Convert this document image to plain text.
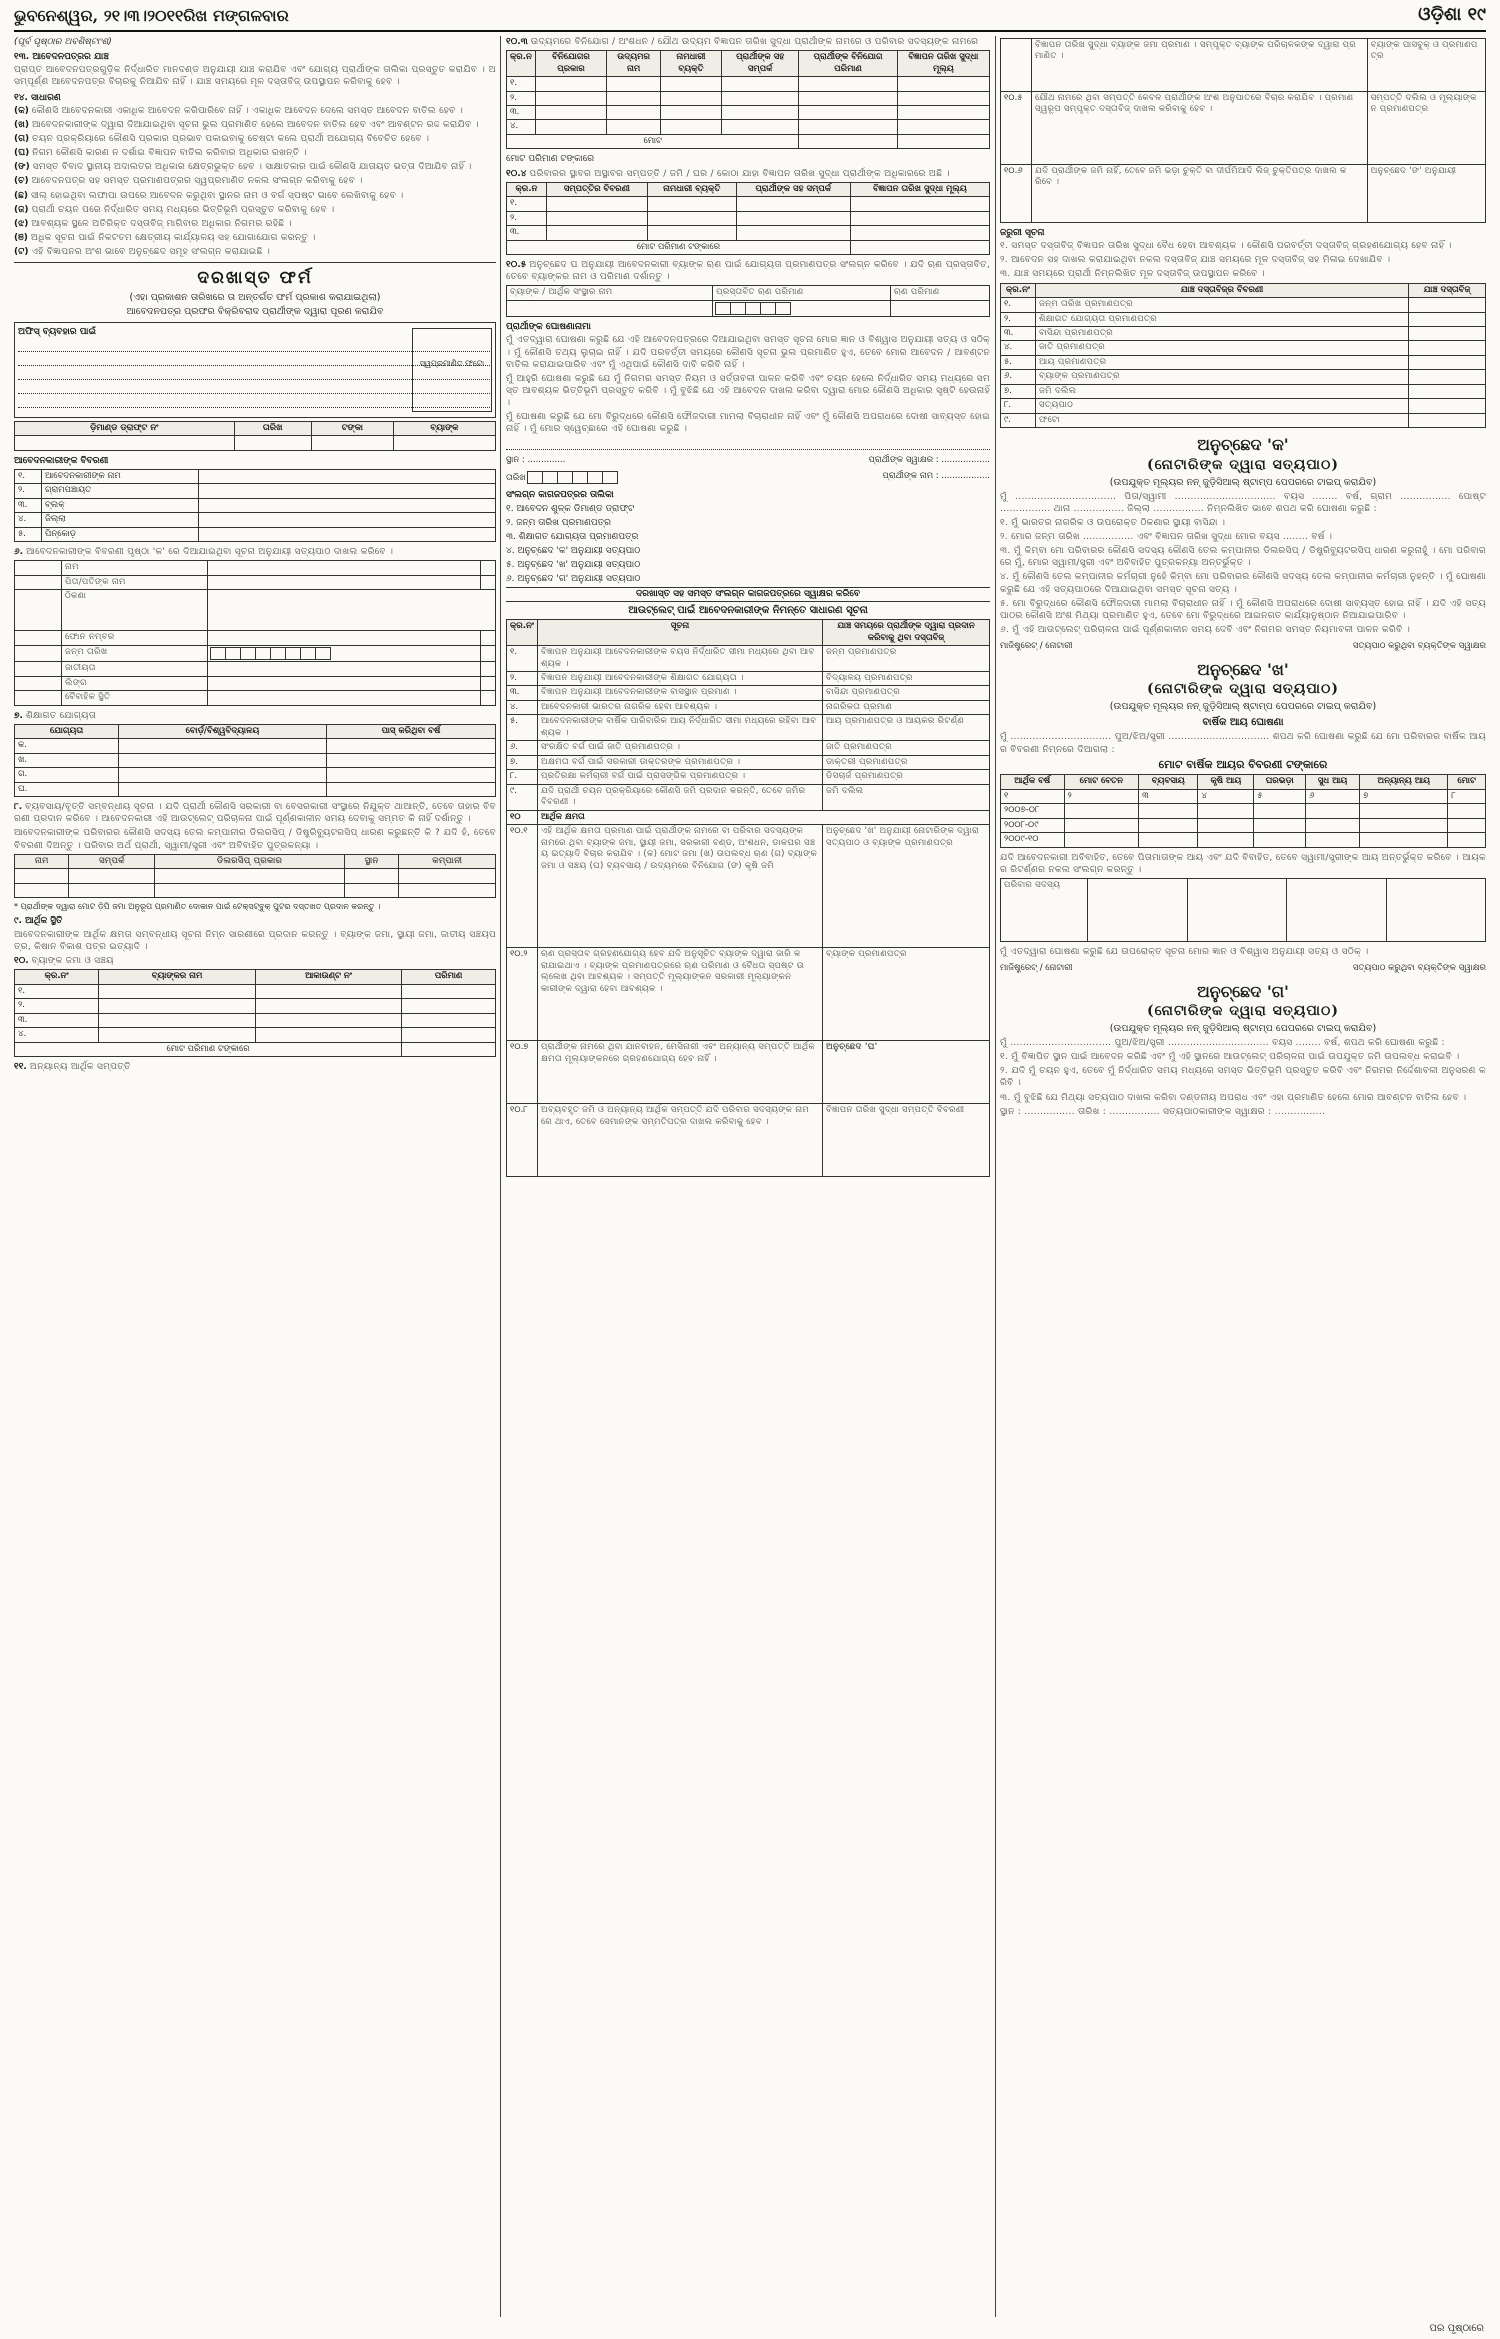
ଭୁବନେଶ୍ୱର, ୨୧।୩।୨୦୧୧ରିଖ ମଙ୍ଗଳବାର	ଓଡ଼ିଶା ୧୯
(ପୂର୍ବ ପୃଷ୍ଠାର ଅବଶିଷ୍ଟାଂଶ)
୧୩. ଆବେଦନପତ୍ରର ଯାଞ୍ଚ
ପ୍ରାପ୍ତ ଆବେଦନପତ୍ରଗୁଡ଼ିକ ନିର୍ଦ୍ଧାରିତ ମାନଦଣ୍ଡ ଅନୁଯାୟୀ ଯାଞ୍ଚ କରାଯିବ ଏବଂ ଯୋଗ୍ୟ ପ୍ରାର୍ଥୀଙ୍କ ତାଲିକା ପ୍ରସ୍ତୁତ କରାଯିବ । ଅସମ୍ପୂର୍ଣ୍ଣ ଆବେଦନପତ୍ର ବିଚାରକୁ ନିଆଯିବ ନାହିଁ । ଯାଞ୍ଚ ସମୟରେ ମୂଳ ଦସ୍ତାବିଜ୍ ଉପସ୍ଥାପନ କରିବାକୁ ହେବ ।
୧୪. ସାଧାରଣ
(କ) କୌଣସି ଆବେଦନକାରୀ ଏକାଧିକ ଆବେଦନ କରିପାରିବେ ନାହିଁ । ଏକାଧିକ ଆବେଦନ ଦେଲେ ସମସ୍ତ ଆବେଦନ ବାତିଲ ହେବ ।
(ଖ) ଆବେଦନକାରୀଙ୍କ ଦ୍ୱାରା ଦିଆଯାଇଥିବା ସୂଚନା ଭୁଲ ପ୍ରମାଣିତ ହେଲେ ଆବେଦନ ବାତିଲ ହେବ ଏବଂ ଆବଣ୍ଟନ ରଦ୍ଦ କରାଯିବ ।
(ଗ) ଚୟନ ପ୍ରକ୍ରିୟାରେ କୌଣସି ପ୍ରକାର ପ୍ରଭାବ ପକାଇବାକୁ ଚେଷ୍ଟା କଲେ ପ୍ରାର୍ଥୀ ଅଯୋଗ୍ୟ ବିବେଚିତ ହେବେ ।
(ଘ) ନିଗମ କୌଣସି କାରଣ ନ ଦର୍ଶାଇ ବିଜ୍ଞାପନ ବାତିଲ କରିବାର ଅଧିକାର ରଖନ୍ତି ।
(ଙ) ସମସ୍ତ ବିବାଦ ସ୍ଥାନୀୟ ଅଦାଲତର ଅଧିକାର କ୍ଷେତ୍ରଭୁକ୍ତ ହେବ । ସାକ୍ଷାତକାର ପାଇଁ କୌଣସି ଯାତାୟତ ଭତ୍ତା ଦିଆଯିବ ନାହିଁ ।
(ଚ) ଆବେଦନପତ୍ର ସହ ସମସ୍ତ ପ୍ରମାଣପତ୍ରର ସ୍ୱପ୍ରମାଣିତ ନକଲ ସଂଲଗ୍ନ କରିବାକୁ ହେବ ।
(ଛ) ସୀଲ୍ ହୋଇଥିବା ଲଫାପା ଉପରେ ଆବେଦନ କରୁଥିବା ସ୍ଥାନର ନାମ ଓ ବର୍ଗ ସ୍ପଷ୍ଟ ଭାବେ ଲେଖିବାକୁ ହେବ ।
(ଜ) ପ୍ରାର୍ଥୀ ଚୟନ ପରେ ନିର୍ଦ୍ଧାରିତ ସମୟ ମଧ୍ୟରେ ଭିତ୍ତିଭୂମି ପ୍ରସ୍ତୁତ କରିବାକୁ ହେବ ।
(ଝ) ଆବଶ୍ୟକ ସ୍ଥଳେ ଅତିରିକ୍ତ ଦସ୍ତାବିଜ୍ ମାଗିବାର ଅଧିକାର ନିଗମର ରହିଛି ।
(ଞ) ଅଧିକ ସୂଚନା ପାଇଁ ନିକଟତମ କ୍ଷେତ୍ରୀୟ କାର୍ଯ୍ୟାଳୟ ସହ ଯୋଗାଯୋଗ କରନ୍ତୁ ।
(ଟ) ଏହି ବିଜ୍ଞାପନର ଅଂଶ ଭାବେ ଅନୁଚ୍ଛେଦ ସମୂହ ସଂଲଗ୍ନ କରାଯାଇଛି ।
ଦରଖାସ୍ତ ଫର୍ମ
(ଏହା ପ୍ରକାଶନ ତାରିଖରେ ତା ଅନ୍ତର୍ଗତ ଫର୍ମ ପ୍ରକାଶ କରାଯାଇଥିଲା)
ଆବେଦନପତ୍ର ପ୍ରଫର ବିକ୍ରିବରାଦ ପ୍ରାର୍ଥୀଙ୍କ ଦ୍ୱାରା ପୂରଣ କରାଯିବ
ସ୍ୱପ୍ରମାଣିତ ଫଟୋ
ଅଫିସ୍ ବ୍ୟବହାର ପାଇଁ
ଡ଼ିମାଣ୍ଡ ଡ୍ରାଫ୍ଟ ନଂ	ତାରିଖ	ଟଙ୍କା	ବ୍ୟାଙ୍କ

ଆବେଦନକାରୀଙ୍କ ବିବରଣୀ
୧.	ଆବେଦନକାରୀଙ୍କ ନାମ	
୨.	ଗ୍ରାମପଞ୍ଚାୟତ	
୩.	ବ୍ଲକ୍	
୪.	ଜିଲ୍ଲା	
୫.	ପିନ୍‌କୋଡ଼	
୬. ଆବେଦନକାରୀଙ୍କ ବିବରଣୀ ପୃଷ୍ଠା 'କ' ରେ ଦିଆଯାଇଥିବା ସୂଚନା ଅନୁଯାୟୀ ସତ୍ୟପାଠ ଦାଖଲ କରିବେ ।
	ନାମ		
	ପିତା/ପତିଙ୍କ ନାମ		
	ଠିକଣା		
	ଫୋନ ନମ୍ବର		
	ଜନ୍ମ ତାରିଖ	

	ଜାତୀୟତା		
	ଲିଙ୍ଗ		
	ବୈବାହିକ ସ୍ଥିତି		
୭. ଶିକ୍ଷାଗତ ଯୋଗ୍ୟତା
ଯୋଗ୍ୟତା	ବୋର୍ଡ଼/ବିଶ୍ୱବିଦ୍ୟାଳୟ	ପାସ୍ କରିଥିବା ବର୍ଷ
କ.		
ଖ.		
ଗ.		
ଘ.		
୮. ବ୍ୟବସାୟ/ବୃତ୍ତି ସମ୍ବନ୍ଧୀୟ ସୂଚନା । ଯଦି ପ୍ରାର୍ଥୀ କୌଣସି ସରକାରୀ ବା ବେସରକାରୀ ସଂସ୍ଥାରେ ନିଯୁକ୍ତ ଥାଆନ୍ତି, ତେବେ ତାହାର ବିବରଣୀ ପ୍ରଦାନ କରିବେ । ଆବେଦନକାରୀ ଏହି ଆଉଟ୍‌ଲେଟ୍ ପରିଚାଳନା ପାଇଁ ପୂର୍ଣ୍ଣକାଳୀନ ସମୟ ଦେବାକୁ ସମ୍ମତ କି ନାହିଁ ଦର୍ଶାନ୍ତୁ ।
ଆବେଦନକାରୀଙ୍କ ପରିବାରର କୌଣସି ସଦସ୍ୟ ତେଲ କମ୍ପାନୀର ଡିଲରସିପ୍ / ଡିଷ୍ଟ୍ରିବ୍ୟୁଟରସିପ୍ ଧାରଣ କରୁଛନ୍ତି କି ? ଯଦି ହଁ, ତେବେ ବିବରଣୀ ଦିଅନ୍ତୁ । ପରିବାର ଅର୍ଥ ପ୍ରାର୍ଥୀ, ସ୍ୱାମୀ/ସ୍ତ୍ରୀ ଏବଂ ଅବିବାହିତ ପୁତ୍ରକନ୍ୟା ।
ନାମ	ସମ୍ପର୍କ	ଡିଲରସିପ୍ ପ୍ରକାର	ସ୍ଥାନ	କମ୍ପାନୀ

* ପ୍ରାର୍ଥୀଙ୍କ ଦ୍ୱାରା ମୋଟ ଡ଼ିପି ଜମା ଅନୁରୂପ ପ୍ରମାଣିତ ଦୋକାନ ପାଇଁ ଟେକ୍‌ସଟ୍‌ବୁକ୍ ପୁଟର ଦସ୍ତଖତ ପ୍ରଦାନ କରନ୍ତୁ ।
୯. ଆର୍ଥିକ ସ୍ଥିତି
ଆବେଦନକାରୀଙ୍କ ଆର୍ଥିକ କ୍ଷମତା ସମ୍ବନ୍ଧୀୟ ସୂଚନା ନିମ୍ନ ସାରଣୀରେ ପ୍ରଦାନ କରନ୍ତୁ । ବ୍ୟାଙ୍କ ଜମା, ସ୍ଥାୟୀ ଜମା, ଜାତୀୟ ସଞ୍ଚୟପତ୍ର, କିଷାନ ବିକାଶ ପତ୍ର ଇତ୍ୟାଦି ।
୧୦. ବ୍ୟାଙ୍କ ଜମା ଓ ସଞ୍ଚୟ
କ୍ର.ନଂ	ବ୍ୟାଙ୍କର ନାମ	ଆକାଉଣ୍ଟ ନଂ	ପରିମାଣ
୧.			
୨.			
୩.			
୪.			
ମୋଟ ପରିମାଣ ଟଙ୍କାରେ			
୧୧. ଅନ୍ୟାନ୍ୟ ଆର୍ଥିକ ସମ୍ପତ୍ତି
୧୦.୩ ଉଦ୍ୟମରେ ବିନିଯୋଗ / ଅଂଶଧନ / ଯୌଥ ଉଦ୍ୟମ ବିଜ୍ଞାପନ ତାରିଖ ସୁଦ୍ଧା ପ୍ରାର୍ଥୀଙ୍କ ନାମରେ ଓ ପରିବାର ସଦସ୍ୟଙ୍କ ନାମରେ
କ୍ର.ନ	ବିନିଯୋଗର ପ୍ରକାର	ଉଦ୍ୟମର ନାମ	ନାମଧାରୀ ବ୍ୟକ୍ତି	ପ୍ରାର୍ଥୀଙ୍କ ସହ ସମ୍ପର୍କ	ପ୍ରାର୍ଥୀଙ୍କ ବିନିଯୋଗ ପରିମାଣ	ବିଜ୍ଞାପନ ତାରିଖ ସୁଦ୍ଧା ମୂଲ୍ୟ
୧.						
୨.						
୩.						
୪.						
ମୋଟ						
ମୋଟ ପରିମାଣ ଟଙ୍କାରେ
୧୦.୪ ପରିବାରର ସ୍ଥାବର ଅସ୍ଥାବର ସମ୍ପତ୍ତି / ଜମି / ଘର / କୋଠା ଯାହା ବିଜ୍ଞାପନ ତାରିଖ ସୁଦ୍ଧା ପ୍ରାର୍ଥୀଙ୍କ ଅଧିକାରରେ ଅଛି ।
କ୍ର.ନ	ସମ୍ପତ୍ତିର ବିବରଣୀ	ନାମଧାରୀ ବ୍ୟକ୍ତି	ପ୍ରାର୍ଥୀଙ୍କ ସହ ସମ୍ପର୍କ	ବିଜ୍ଞାପନ ତାରିଖ ସୁଦ୍ଧା ମୂଲ୍ୟ
୧.				
୨.				
୩.				
ମୋଟ ପରିମାଣ ଟଙ୍କାରେ				
୧୦.୫ ଅନୁଚ୍ଛେଦ ଘ ଅନୁଯାୟୀ ଆବେଦନକାରୀ ବ୍ୟାଙ୍କ ଋଣ ପାଇଁ ଯୋଗ୍ୟତା ପ୍ରମାଣପତ୍ର ସଂଲଗ୍ନ କରିବେ । ଯଦି ଋଣ ପ୍ରସ୍ତାବିତ, ତେବେ ବ୍ୟାଙ୍କର ନାମ ଓ ପରିମାଣ ଦର୍ଶାନ୍ତୁ ।
ବ୍ୟାଙ୍କ / ଆର୍ଥିକ ସଂସ୍ଥାର ନାମ	ପ୍ରସ୍ତାବିତ ଋଣ ପରିମାଣ	ଋଣ ପରିମାଣ

ପ୍ରାର୍ଥୀଙ୍କ ଘୋଷଣାନାମା
ମୁଁ ଏତଦ୍ୱାରା ଘୋଷଣା କରୁଛି ଯେ ଏହି ଆବେଦନପତ୍ରରେ ଦିଆଯାଇଥିବା ସମସ୍ତ ସୂଚନା ମୋର ଜ୍ଞାନ ଓ ବିଶ୍ୱାସ ଅନୁଯାୟୀ ସତ୍ୟ ଓ ସଠିକ୍ । ମୁଁ କୌଣସି ତଥ୍ୟ ଲୁଚାଇ ନାହିଁ । ଯଦି ପରବର୍ତ୍ତୀ ସମୟରେ କୌଣସି ସୂଚନା ଭୁଲ ପ୍ରମାଣିତ ହୁଏ, ତେବେ ମୋର ଆବେଦନ / ଆବଣ୍ଟନ ବାତିଲ କରାଯାଇପାରିବ ଏବଂ ମୁଁ ଏଥିପାଇଁ କୌଣସି ଦାବି କରିବି ନାହିଁ ।
ମୁଁ ଆହୁରି ଘୋଷଣା କରୁଛି ଯେ ମୁଁ ନିଗମର ସମସ୍ତ ନିୟମ ଓ ସର୍ତ୍ତାବଳୀ ପାଳନ କରିବି ଏବଂ ଚୟନ ହେଲେ ନିର୍ଦ୍ଧାରିତ ସମୟ ମଧ୍ୟରେ ସମସ୍ତ ଆବଶ୍ୟକ ଭିତ୍ତିଭୂମି ପ୍ରସ୍ତୁତ କରିବି । ମୁଁ ବୁଝିଛି ଯେ ଏହି ଆବେଦନ ଦାଖଲ କରିବା ଦ୍ୱାରା ମୋର କୌଣସି ଅଧିକାର ସୃଷ୍ଟି ହେଉନାହିଁ ।
ମୁଁ ଘୋଷଣା କରୁଛି ଯେ ମୋ ବିରୁଦ୍ଧରେ କୌଣସି ଫୌଜଦାରୀ ମାମଲା ବିଚାରାଧୀନ ନାହିଁ ଏବଂ ମୁଁ କୌଣସି ଅପରାଧରେ ଦୋଷୀ ସାବ୍ୟସ୍ତ ହୋଇ ନାହିଁ । ମୁଁ ମୋର ସ୍ୱେଚ୍ଛାରେ ଏହି ଘୋଷଣା କରୁଛି ।
ସ୍ଥାନ : ..............	ପ୍ରାର୍ଥୀଙ୍କ ସ୍ୱାକ୍ଷର : ..................
ତାରିଖ	ପ୍ରାର୍ଥୀଙ୍କ ନାମ : ..................
ସଂଲଗ୍ନ କାଗଜପତ୍ରର ତାଲିକା
୧. ଆବେଦନ ଶୁଳ୍କ ଡିମାଣ୍ଡ ଡ୍ରାଫ୍ଟ
୨. ଜନ୍ମ ତାରିଖ ପ୍ରମାଣପତ୍ର
୩. ଶିକ୍ଷାଗତ ଯୋଗ୍ୟତା ପ୍ରମାଣପତ୍ର
୪. ଅନୁଚ୍ଛେଦ 'କ' ଅନୁଯାୟୀ ସତ୍ୟପାଠ
୫. ଅନୁଚ୍ଛେଦ 'ଖ' ଅନୁଯାୟୀ ସତ୍ୟପାଠ
୬. ଅନୁଚ୍ଛେଦ 'ଗ' ଅନୁଯାୟୀ ସତ୍ୟପାଠ
ଦରଖାସ୍ତ ସହ ସମସ୍ତ ସଂଲଗ୍ନ କାଗଜପତ୍ରରେ ସ୍ୱାକ୍ଷର କରିବେ
ଆଉଟ୍‌ଲେଟ୍ ପାଇଁ ଆବେଦନକାରୀଙ୍କ ନିମନ୍ତେ ସାଧାରଣ ସୂଚନା
କ୍ର.ନଂ	ସୂଚନା	ଯାଞ୍ଚ ସମୟରେ ପ୍ରାର୍ଥୀଙ୍କ ଦ୍ୱାରା ପ୍ରଦାନ କରିବାକୁ ଥିବା ଦସ୍ତାବିଜ୍
୧.	ବିଜ୍ଞାପନ ଅନୁଯାୟୀ ଆବେଦନକାରୀଙ୍କ ବୟସ ନିର୍ଦ୍ଧାରିତ ସୀମା ମଧ୍ୟରେ ଥିବା ଆବଶ୍ୟକ ।	ଜନ୍ମ ପ୍ରମାଣପତ୍ର
୨.	ବିଜ୍ଞାପନ ଅନୁଯାୟୀ ଆବେଦନକାରୀଙ୍କ ଶିକ୍ଷାଗତ ଯୋଗ୍ୟତା ।	ବିଦ୍ୟାଳୟ ପ୍ରମାଣପତ୍ର
୩.	ବିଜ୍ଞାପନ ଅନୁଯାୟୀ ଆବେଦନକାରୀଙ୍କ ବାସସ୍ଥାନ ପ୍ରମାଣ ।	ବାସିନ୍ଦା ପ୍ରମାଣପତ୍ର
୪.	ଆବେଦନକାରୀ ଭାରତର ନାଗରିକ ହେବା ଆବଶ୍ୟକ ।	ନାଗରିକତା ପ୍ରମାଣ
୫.	ଆବେଦନକାରୀଙ୍କ ବାର୍ଷିକ ପାରିବାରିକ ଆୟ ନିର୍ଦ୍ଧାରିତ ସୀମା ମଧ୍ୟରେ ରହିବା ଆବଶ୍ୟକ ।	ଆୟ ପ୍ରମାଣପତ୍ର ଓ ଆୟକର ରିଟର୍ଣ୍ଣ
୬.	ସଂରକ୍ଷିତ ବର୍ଗ ପାଇଁ ଜାତି ପ୍ରମାଣପତ୍ର ।	ଜାତି ପ୍ରମାଣପତ୍ର
୭.	ଅକ୍ଷମତା ବର୍ଗ ପାଇଁ ସରକାରୀ ଡାକ୍ତରଙ୍କ ପ୍ରମାଣପତ୍ର ।	ଡାକ୍ତରୀ ପ୍ରମାଣପତ୍ର
୮.	ପ୍ରତିରକ୍ଷା କର୍ମଚାରୀ ବର୍ଗ ପାଇଁ ପ୍ରାସଙ୍ଗିକ ପ୍ରମାଣପତ୍ର ।	ଡିସଚାର୍ଜ ପ୍ରମାଣପତ୍ର
୯.	ଯଦି ପ୍ରାର୍ଥୀ ଚୟନ ପ୍ରକ୍ରିୟାରେ କୌଣସି ଜମି ପ୍ରଦାନ କରନ୍ତି, ତେବେ ଜମିର ବିବରଣୀ ।	ଜମି ଦଲିଲ
୧୦	ଆର୍ଥିକ କ୍ଷମତା	
୧୦.୧	ଏହି ଆର୍ଥିକ କ୍ଷମତା ପ୍ରମାଣ ପାଇଁ ପ୍ରାର୍ଥୀଙ୍କ ନାମରେ ବା ପରିବାର ସଦସ୍ୟଙ୍କ ନାମରେ ଥିବା ବ୍ୟାଙ୍କ ଜମା, ସ୍ଥାୟୀ ଜମା, ସରକାରୀ ବଣ୍ଡ, ଅଂଶଧନ, ଡାକଘର ସଞ୍ଚୟ ଇତ୍ୟାଦି ବିଚାର କରାଯିବ । (କ) ମୋଟ ଜମା (ଖ) ଉପଲବ୍ଧ ଋଣ (ଗ) ବ୍ୟାଙ୍କ ଜମା ଓ ସଞ୍ଚୟ (ଘ) ବ୍ୟବସାୟ / ଉଦ୍ୟମରେ ବିନିଯୋଗ (ଙ) କୃଷି ଜମି	ଅନୁଚ୍ଛେଦ 'ଖ' ଅନୁଯାୟୀ ନୋଟାରିଙ୍କ ଦ୍ୱାରା ସତ୍ୟପାଠ ଓ ବ୍ୟାଙ୍କ ପ୍ରମାଣପତ୍ର
୧୦.୨	ଋଣ ପ୍ରସ୍ତାବ ଗ୍ରହଣଯୋଗ୍ୟ ହେବ ଯଦି ଅନୁସୂଚିତ ବ୍ୟାଙ୍କ ଦ୍ୱାରା ଜାରି କରାଯାଇଥାଏ । ବ୍ୟାଙ୍କ ପ୍ରମାଣପତ୍ରରେ ଋଣ ପରିମାଣ ଓ ବୈଧତା ସ୍ପଷ୍ଟ ଉଲ୍ଲେଖ ଥିବା ଆବଶ୍ୟକ । ସମ୍ପତ୍ତି ମୂଲ୍ୟାଙ୍କନ ସରକାରୀ ମୂଲ୍ୟାଙ୍କନକାରୀଙ୍କ ଦ୍ୱାରା ହେବା ଆବଶ୍ୟକ ।	ବ୍ୟାଙ୍କ ପ୍ରମାଣପତ୍ର
୧୦.୭	ପ୍ରାର୍ଥୀଙ୍କ ନାମରେ ଥିବା ଯାନବାହନ, ମେସିନାରୀ ଏବଂ ଅନ୍ୟାନ୍ୟ ସମ୍ପତ୍ତି ଆର୍ଥିକ କ୍ଷମତା ମୂଲ୍ୟାଙ୍କନରେ ଗ୍ରହଣଯୋଗ୍ୟ ହେବ ନାହିଁ ।	ଅନୁଚ୍ଛେଦ 'ଘ'
୧୦.୮	ଅବ୍ୟବହୃତ ଜମି ଓ ଅନ୍ୟାନ୍ୟ ଆର୍ଥିକ ସମ୍ପତ୍ତି ଯଦି ପରିବାର ସଦସ୍ୟଙ୍କ ନାମରେ ଥାଏ, ତେବେ ସେମାନଙ୍କ ସମ୍ମତିପତ୍ର ଦାଖଲ କରିବାକୁ ହେବ ।	ବିଜ୍ଞାପନ ତାରିଖ ସୁଦ୍ଧା ସମ୍ପତ୍ତି ବିବରଣୀ
	ବିଜ୍ଞାପନ ତାରିଖ ସୁଦ୍ଧା ବ୍ୟାଙ୍କ ଜମା ପ୍ରମାଣ । ସମ୍ପୃକ୍ତ ବ୍ୟାଙ୍କ ପରିଚାଳକଙ୍କ ଦ୍ୱାରା ପ୍ରମାଣିତ ।	ବ୍ୟାଙ୍କ ପାସବୁକ୍ ଓ ପ୍ରମାଣପତ୍ର
୧୦.୫	ଯୌଥ ନାମରେ ଥିବା ସମ୍ପତ୍ତି କେବଳ ପ୍ରାର୍ଥୀଙ୍କ ଅଂଶ ଅନୁପାତରେ ବିଚାର କରାଯିବ । ପ୍ରମାଣସ୍ୱରୂପ ସମ୍ପୃକ୍ତ ଦସ୍ତାବିଜ୍ ଦାଖଲ କରିବାକୁ ହେବ ।	ସମ୍ପତ୍ତି ଦଲିଲ ଓ ମୂଲ୍ୟାଙ୍କନ ପ୍ରମାଣପତ୍ର
୧୦.୬	ଯଦି ପ୍ରାର୍ଥୀଙ୍କ ଜମି ନାହିଁ, ତେବେ ଜମି ଭଡ଼ା ଚୁକ୍ତି ବା ଦୀର୍ଘମିଆଦି ଲିଜ୍ ଚୁକ୍ତିପତ୍ର ଦାଖଲ କରିବେ ।	ଅନୁଚ୍ଛେଦ 'ଙ' ଅନୁଯାୟୀ
ଜରୁରୀ ସୂଚନା
୧. ସମସ୍ତ ଦସ୍ତାବିଜ୍ ବିଜ୍ଞାପନ ତାରିଖ ସୁଦ୍ଧା ବୈଧ ହେବା ଆବଶ୍ୟକ । କୌଣସି ପରବର୍ତ୍ତୀ ଦସ୍ତାବିଜ୍ ଗ୍ରହଣଯୋଗ୍ୟ ହେବ ନାହିଁ ।
୨. ଆବେଦନ ସହ ଦାଖଲ କରାଯାଇଥିବା ନକଲ ଦସ୍ତାବିଜ୍ ଯାଞ୍ଚ ସମୟରେ ମୂଳ ଦସ୍ତାବିଜ୍ ସହ ମିଳାଇ ଦେଖାଯିବ ।
୩. ଯାଞ୍ଚ ସମୟରେ ପ୍ରାର୍ଥୀ ନିମ୍ନଲିଖିତ ମୂଳ ଦସ୍ତାବିଜ୍ ଉପସ୍ଥାପନ କରିବେ ।
କ୍ର.ନଂ	ଯାଞ୍ଚ ଦସ୍ତାବିଜ୍ର ବିବରଣୀ	ଯାଞ୍ଚ ଦସ୍ତାବିଜ୍
୧.	ଜନ୍ମ ତାରିଖ ପ୍ରମାଣପତ୍ର	
୨.	ଶିକ୍ଷାଗତ ଯୋଗ୍ୟତା ପ୍ରମାଣପତ୍ର	
୩.	ବାସିନ୍ଦା ପ୍ରମାଣପତ୍ର	
୪.	ଜାତି ପ୍ରମାଣପତ୍ର	
୫.	ଆୟ ପ୍ରମାଣପତ୍ର	
୬.	ବ୍ୟାଙ୍କ ପ୍ରମାଣପତ୍ର	
୭.	ଜମି ଦଲିଲ	
୮.	ସତ୍ୟପାଠ	
୯.	ଫଟୋ	
ଅନୁଚ୍ଛେଦ 'କ'
(ନୋଟାରିଙ୍କ ଦ୍ୱାରା ସତ୍ୟପାଠ)
(ଉପଯୁକ୍ତ ମୂଲ୍ୟର ନନ୍ ଜୁଡ଼ିସିଆଲ୍ ଷ୍ଟାମ୍ପ ପେପରରେ ଟାଇପ୍ କରାଯିବ)
ମୁଁ ................................ ପିତା/ସ୍ୱାମୀ ................................ ବୟସ ........ ବର୍ଷ, ଗ୍ରାମ ................ ପୋଷ୍ଟ ................ ଥାନା ................ ଜିଲ୍ଲା ................ ନିମ୍ନଲିଖିତ ଭାବେ ଶପଥ କରି ଘୋଷଣା କରୁଛି :
୧. ମୁଁ ଭାରତର ନାଗରିକ ଓ ଉପରୋକ୍ତ ଠିକଣାର ସ୍ଥାୟୀ ବାସିନ୍ଦା ।
୨. ମୋର ଜନ୍ମ ତାରିଖ ................ ଏବଂ ବିଜ୍ଞାପନ ତାରିଖ ସୁଦ୍ଧା ମୋର ବୟସ ........ ବର୍ଷ ।
୩. ମୁଁ କିମ୍ବା ମୋ ପରିବାରର କୌଣସି ସଦସ୍ୟ କୌଣସି ତେଲ କମ୍ପାନୀର ଡିଲରସିପ୍ / ଡିଷ୍ଟ୍ରିବ୍ୟୁଟରସିପ୍ ଧାରଣ କରୁନାହୁଁ । ମୋ ପରିବାରରେ ମୁଁ, ମୋର ସ୍ୱାମୀ/ସ୍ତ୍ରୀ ଏବଂ ଅବିବାହିତ ପୁତ୍ରକନ୍ୟା ଅନ୍ତର୍ଭୁକ୍ତ ।
୪. ମୁଁ କୌଣସି ତେଲ କମ୍ପାନୀର କର୍ମଚାରୀ ନୁହେଁ କିମ୍ବା ମୋ ପରିବାରର କୌଣସି ସଦସ୍ୟ ତେଲ କମ୍ପାନୀର କର୍ମଚାରୀ ନୁହନ୍ତି । ମୁଁ ଘୋଷଣା କରୁଛି ଯେ ଏହି ସତ୍ୟପାଠରେ ଦିଆଯାଇଥିବା ସମସ୍ତ ସୂଚନା ସତ୍ୟ ।
୫. ମୋ ବିରୁଦ୍ଧରେ କୌଣସି ଫୌଜଦାରୀ ମାମଲା ବିଚାରାଧୀନ ନାହିଁ । ମୁଁ କୌଣସି ଅପରାଧରେ ଦୋଷୀ ସାବ୍ୟସ୍ତ ହୋଇ ନାହିଁ । ଯଦି ଏହି ସତ୍ୟପାଠର କୌଣସି ଅଂଶ ମିଥ୍ୟା ପ୍ରମାଣିତ ହୁଏ, ତେବେ ମୋ ବିରୁଦ୍ଧରେ ଆଇନଗତ କାର୍ଯ୍ୟାନୁଷ୍ଠାନ ନିଆଯାଇପାରିବ ।
୬. ମୁଁ ଏହି ଆଉଟ୍‌ଲେଟ୍ ପରିଚାଳନା ପାଇଁ ପୂର୍ଣ୍ଣକାଳୀନ ସମୟ ଦେବି ଏବଂ ନିଗମର ସମସ୍ତ ନିୟମାବଳୀ ପାଳନ କରିବି ।
ମାଜିଷ୍ଟ୍ରେଟ୍ / ନୋଟାରୀ	ସତ୍ୟପାଠ କରୁଥିବା ବ୍ୟକ୍ତିଙ୍କ ସ୍ୱାକ୍ଷର
ଅନୁଚ୍ଛେଦ 'ଖ'
(ନୋଟାରିଙ୍କ ଦ୍ୱାରା ସତ୍ୟପାଠ)
(ଉପଯୁକ୍ତ ମୂଲ୍ୟର ନନ୍ ଜୁଡ଼ିସିଆଲ୍ ଷ୍ଟାମ୍ପ ପେପରରେ ଟାଇପ୍ କରାଯିବ)
ବାର୍ଷିକ ଆୟ ଘୋଷଣା
ମୁଁ ................................ ପୁଅ/ଝିଅ/ସ୍ତ୍ରୀ ................................ ଶପଥ କରି ଘୋଷଣା କରୁଛି ଯେ ମୋ ପରିବାରର ବାର୍ଷିକ ଆୟର ବିବରଣୀ ନିମ୍ନରେ ଦିଆଗଲା :
ମୋଟ ବାର୍ଷିକ ଆୟର ବିବରଣୀ ଟଙ୍କାରେ
ଆର୍ଥିକ ବର୍ଷ	ମୋଟ ବେତନ	ବ୍ୟବସାୟ	କୃଷି ଆୟ	ଘରଭଡ଼ା	ସୁଧ ଆୟ	ଅନ୍ୟାନ୍ୟ ଆୟ	ମୋଟ
୧	୨	୩	୪	୫	୬	୭	୮
୨୦୦୭-୦୮							
୨୦୦୮-୦୯							
୨୦୦୯-୧୦							
ଯଦି ଆବେଦନକାରୀ ଅବିବାହିତ, ତେବେ ପିତାମାତାଙ୍କ ଆୟ ଏବଂ ଯଦି ବିବାହିତ, ତେବେ ସ୍ୱାମୀ/ସ୍ତ୍ରୀଙ୍କ ଆୟ ଅନ୍ତର୍ଭୁକ୍ତ କରିବେ । ଆୟକର ରିଟର୍ଣ୍ଣର ନକଲ ସଂଲଗ୍ନ କରନ୍ତୁ ।
ପରିବାର ସଦସ୍ୟ				
ମୁଁ ଏତଦ୍ୱାରା ଘୋଷଣା କରୁଛି ଯେ ଉପରୋକ୍ତ ସୂଚନା ମୋର ଜ୍ଞାନ ଓ ବିଶ୍ୱାସ ଅନୁଯାୟୀ ସତ୍ୟ ଓ ସଠିକ୍ ।
ମାଜିଷ୍ଟ୍ରେଟ୍ / ନୋଟାରୀ	ସତ୍ୟପାଠ କରୁଥିବା ବ୍ୟକ୍ତିଙ୍କ ସ୍ୱାକ୍ଷର
ଅନୁଚ୍ଛେଦ 'ଗ'
(ନୋଟାରିଙ୍କ ଦ୍ୱାରା ସତ୍ୟପାଠ)
(ଉପଯୁକ୍ତ ମୂଲ୍ୟର ନନ୍ ଜୁଡ଼ିସିଆଲ୍ ଷ୍ଟାମ୍ପ ପେପରରେ ଟାଇପ୍ କରାଯିବ)
ମୁଁ ................................ ପୁଅ/ଝିଅ/ସ୍ତ୍ରୀ ................................ ବୟସ ........ ବର୍ଷ, ଶପଥ କରି ଘୋଷଣା କରୁଛି :
୧. ମୁଁ ବିଜ୍ଞାପିତ ସ୍ଥାନ ପାଇଁ ଆବେଦନ କରିଛି ଏବଂ ମୁଁ ଏହି ସ୍ଥାନରେ ଆଉଟ୍‌ଲେଟ୍ ପରିଚାଳନା ପାଇଁ ଉପଯୁକ୍ତ ଜମି ଉପଲବ୍ଧ କରାଇବି ।
୨. ଯଦି ମୁଁ ଚୟନ ହୁଏ, ତେବେ ମୁଁ ନିର୍ଦ୍ଧାରିତ ସମୟ ମଧ୍ୟରେ ସମସ୍ତ ଭିତ୍ତିଭୂମି ପ୍ରସ୍ତୁତ କରିବି ଏବଂ ନିଗମର ନିର୍ଦ୍ଦେଶାବଳୀ ଅନୁସରଣ କରିବି ।
୩. ମୁଁ ବୁଝିଛି ଯେ ମିଥ୍ୟା ସତ୍ୟପାଠ ଦାଖଲ କରିବା ଦଣ୍ଡନୀୟ ଅପରାଧ ଏବଂ ଏହା ପ୍ରମାଣିତ ହେଲେ ମୋର ଆବଣ୍ଟନ ବାତିଲ ହେବ ।
ସ୍ଥାନ : ................ ତାରିଖ : ................ ସତ୍ୟପାଠକାରୀଙ୍କ ସ୍ୱାକ୍ଷର : ................
ପର ପୃଷ୍ଠାରେ
